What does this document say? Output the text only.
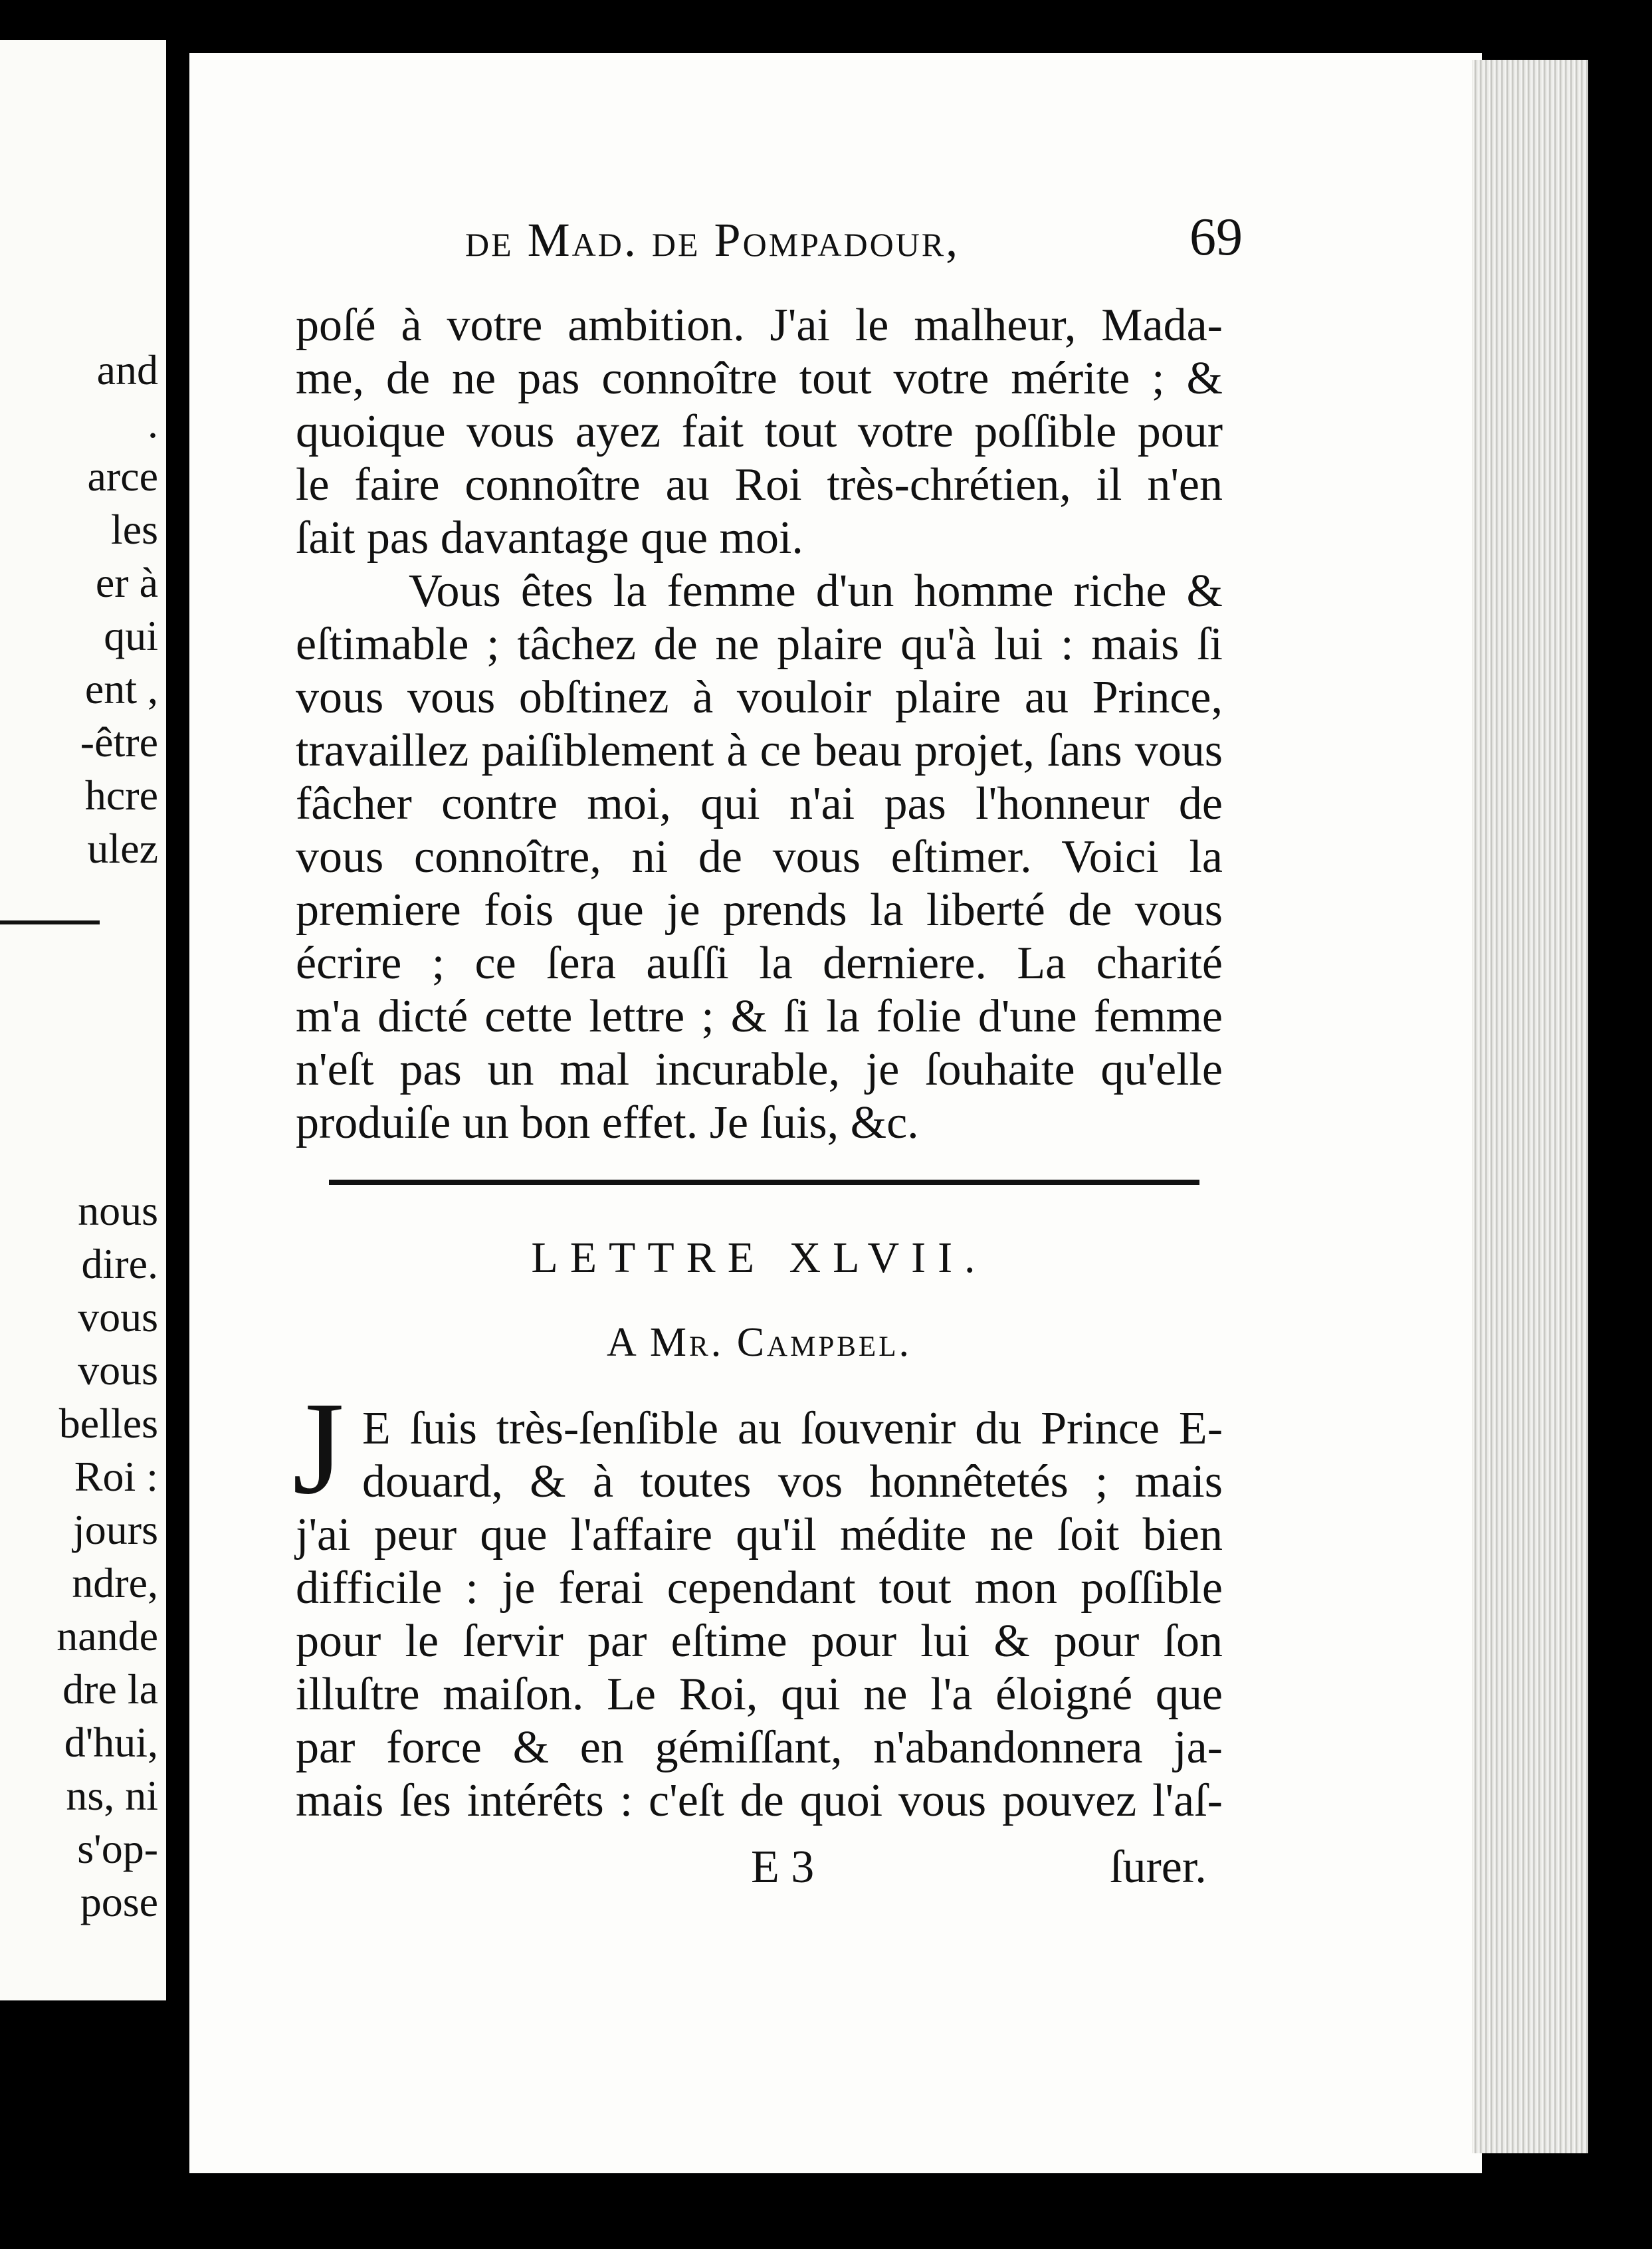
and
.
arce
les
er à
qui
ent ,
-être
hcre
ulez
nous
dire.
vous
vous
belles
Roi :
jours
ndre,
nande
dre la
d'hui,
ns, ni
s'op-
pose
de Mad. de Pompadour,	69
poſé à votre ambition. J'ai le malheur, Mada-
me, de ne pas connoître tout votre mérite ; &
quoique vous ayez fait tout votre poſſible pour
le faire connoître au Roi très-chrétien, il n'en
ſait pas davantage que moi.
Vous êtes la femme d'un homme riche &
eſtimable ; tâchez de ne plaire qu'à lui : mais ſi
vous vous obſtinez à vouloir plaire au Prince,
travaillez paiſiblement à ce beau projet, ſans vous
fâcher contre moi, qui n'ai pas l'honneur de
vous connoître, ni de vous eſtimer. Voici la
premiere fois que je prends la liberté de vous
écrire ; ce ſera auſſi la derniere. La charité
m'a dicté cette lettre ; & ſi la folie d'une femme
n'eſt pas un mal incurable, je ſouhaite qu'elle
produiſe un bon effet. Je ſuis, &c.
LETTRE XLVII.
A Mr. Campbel.
J E ſuis très-ſenſible au ſouvenir du Prince E-
douard, & à toutes vos honnêtetés ; mais
j'ai peur que l'affaire qu'il médite ne ſoit bien
difficile : je ferai cependant tout mon poſſible
pour le ſervir par eſtime pour lui & pour ſon
illuſtre maiſon. Le Roi, qui ne l'a éloigné que
par force & en gémiſſant, n'abandonnera ja-
mais ſes intérêts : c'eſt de quoi vous pouvez l'aſ-
E 3	ſurer.
